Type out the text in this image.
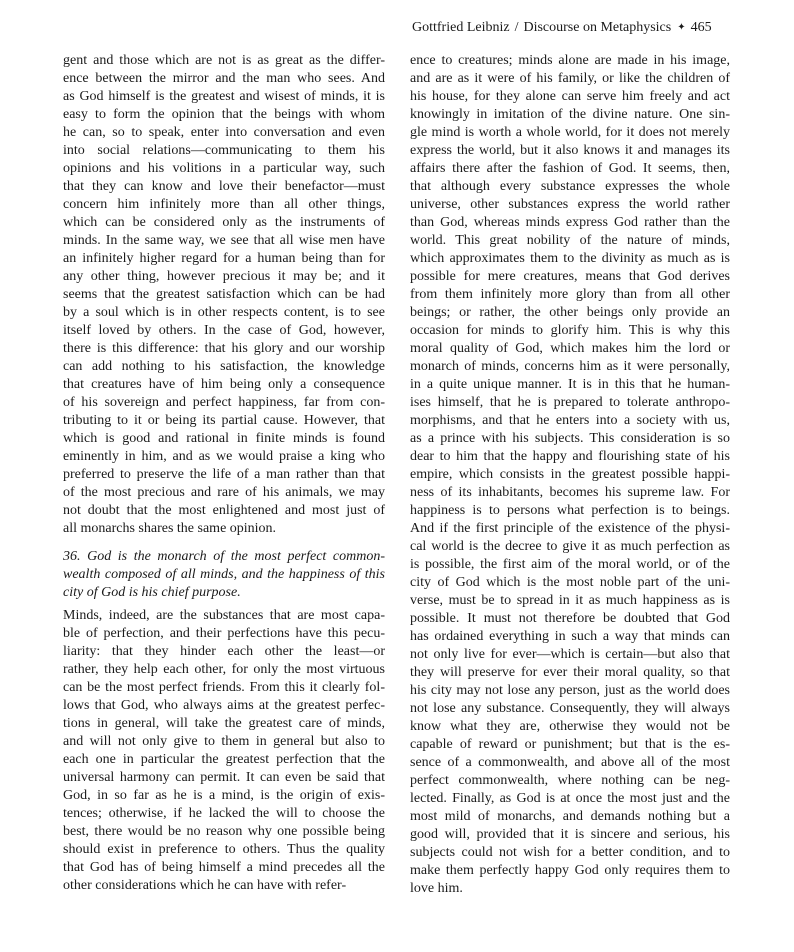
Gottfried Leibniz / Discourse on Metaphysics ✦ 465

gent and those which are not is as great as the differ-
ence between the mirror and the man who sees. And
as God himself is the greatest and wisest of minds, it is
easy to form the opinion that the beings with whom
he can, so to speak, enter into conversation and even
into social relations—communicating to them his
opinions and his volitions in a particular way, such
that they can know and love their benefactor—must
concern him infinitely more than all other things,
which can be considered only as the instruments of
minds. In the same way, we see that all wise men have
an infinitely higher regard for a human being than for
any other thing, however precious it may be; and it
seems that the greatest satisfaction which can be had
by a soul which is in other respects content, is to see
itself loved by others. In the case of God, however,
there is this difference: that his glory and our worship
can add nothing to his satisfaction, the knowledge
that creatures have of him being only a consequence
of his sovereign and perfect happiness, far from con-
tributing to it or being its partial cause. However, that
which is good and rational in finite minds is found
eminently in him, and as we would praise a king who
preferred to preserve the life of a man rather than that
of the most precious and rare of his animals, we may
not doubt that the most enlightened and most just of
all monarchs shares the same opinion.

36. God is the monarch of the most perfect common-
wealth composed of all minds, and the happiness of this
city of God is his chief purpose.

Minds, indeed, are the substances that are most capa-
ble of perfection, and their perfections have this pecu-
liarity: that they hinder each other the least—or
rather, they help each other, for only the most virtuous
can be the most perfect friends. From this it clearly fol-
lows that God, who always aims at the greatest perfec-
tions in general, will take the greatest care of minds,
and will not only give to them in general but also to
each one in particular the greatest perfection that the
universal harmony can permit. It can even be said that
God, in so far as he is a mind, is the origin of exis-
tences; otherwise, if he lacked the will to choose the
best, there would be no reason why one possible being
should exist in preference to others. Thus the quality
that God has of being himself a mind precedes all the
other considerations which he can have with refer-

ence to creatures; minds alone are made in his image,
and are as it were of his family, or like the children of
his house, for they alone can serve him freely and act
knowingly in imitation of the divine nature. One sin-
gle mind is worth a whole world, for it does not merely
express the world, but it also knows it and manages its
affairs there after the fashion of God. It seems, then,
that although every substance expresses the whole
universe, other substances express the world rather
than God, whereas minds express God rather than the
world. This great nobility of the nature of minds,
which approximates them to the divinity as much as is
possible for mere creatures, means that God derives
from them infinitely more glory than from all other
beings; or rather, the other beings only provide an
occasion for minds to glorify him. This is why this
moral quality of God, which makes him the lord or
monarch of minds, concerns him as it were personally,
in a quite unique manner. It is in this that he human-
ises himself, that he is prepared to tolerate anthropo-
morphisms, and that he enters into a society with us,
as a prince with his subjects. This consideration is so
dear to him that the happy and flourishing state of his
empire, which consists in the greatest possible happi-
ness of its inhabitants, becomes his supreme law. For
happiness is to persons what perfection is to beings.
And if the first principle of the existence of the physi-
cal world is the decree to give it as much perfection as
is possible, the first aim of the moral world, or of the
city of God which is the most noble part of the uni-
verse, must be to spread in it as much happiness as is
possible. It must not therefore be doubted that God
has ordained everything in such a way that minds can
not only live for ever—which is certain—but also that
they will preserve for ever their moral quality, so that
his city may not lose any person, just as the world does
not lose any substance. Consequently, they will always
know what they are, otherwise they would not be
capable of reward or punishment; but that is the es-
sence of a commonwealth, and above all of the most
perfect commonwealth, where nothing can be neg-
lected. Finally, as God is at once the most just and the
most mild of monarchs, and demands nothing but a
good will, provided that it is sincere and serious, his
subjects could not wish for a better condition, and to
make them perfectly happy God only requires them to
love him.
